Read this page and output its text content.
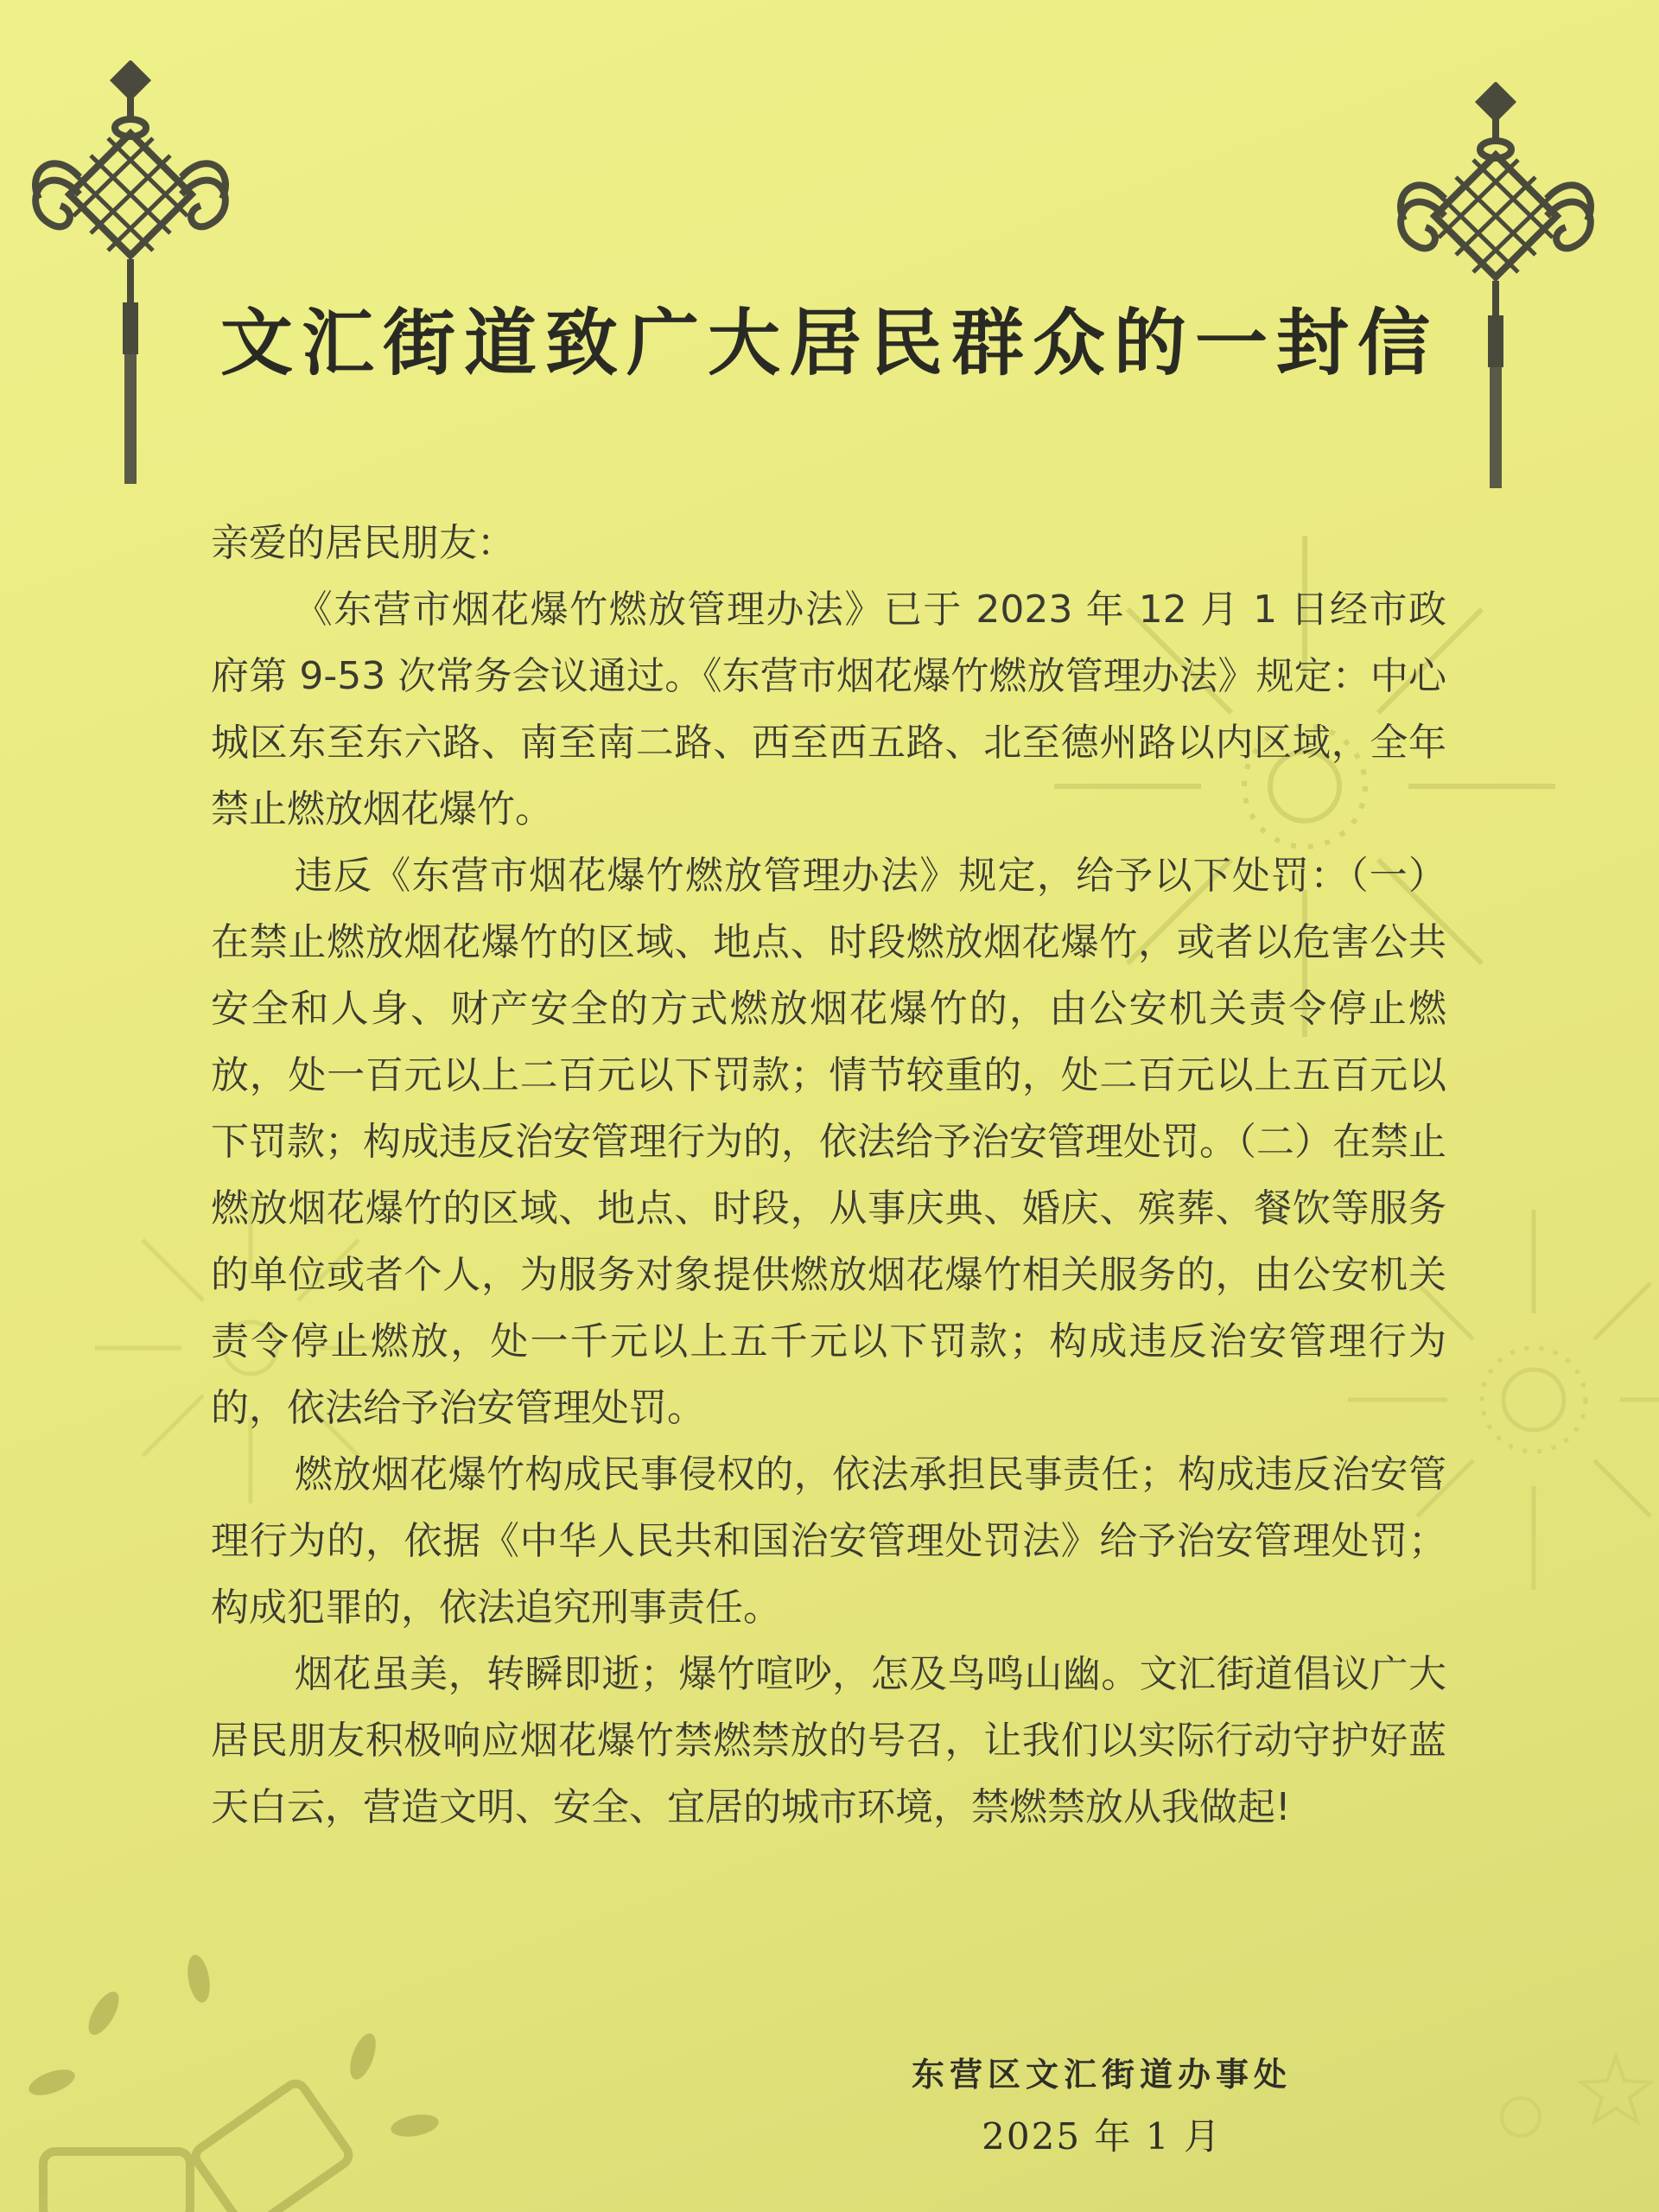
文汇街道致广大居民群众的一封信

亲爱的居民朋友：

《东营市烟花爆竹燃放管理办法》已于 2023 年 12 月 1 日经市政府第 9-53 次常务会议通过。《东营市烟花爆竹燃放管理办法》规定：中心城区东至东六路、南至南二路、西至西五路、北至德州路以内区域，全年禁止燃放烟花爆竹。

违反《东营市烟花爆竹燃放管理办法》规定，给予以下处罚：（一）在禁止燃放烟花爆竹的区域、地点、时段燃放烟花爆竹，或者以危害公共安全和人身、财产安全的方式燃放烟花爆竹的，由公安机关责令停止燃放，处一百元以上二百元以下罚款；情节较重的，处二百元以上五百元以下罚款；构成违反治安管理行为的，依法给予治安管理处罚。（二）在禁止燃放烟花爆竹的区域、地点、时段，从事庆典、婚庆、殡葬、餐饮等服务的单位或者个人，为服务对象提供燃放烟花爆竹相关服务的，由公安机关责令停止燃放，处一千元以上五千元以下罚款；构成违反治安管理行为的，依法给予治安管理处罚。

燃放烟花爆竹构成民事侵权的，依法承担民事责任；构成违反治安管理行为的，依据《中华人民共和国治安管理处罚法》给予治安管理处罚；构成犯罪的，依法追究刑事责任。

烟花虽美，转瞬即逝；爆竹喧吵，怎及鸟鸣山幽。文汇街道倡议广大居民朋友积极响应烟花爆竹禁燃禁放的号召，让我们以实际行动守护好蓝天白云，营造文明、安全、宜居的城市环境，禁燃禁放从我做起!

东营区文汇街道办事处
2025 年 1 月
